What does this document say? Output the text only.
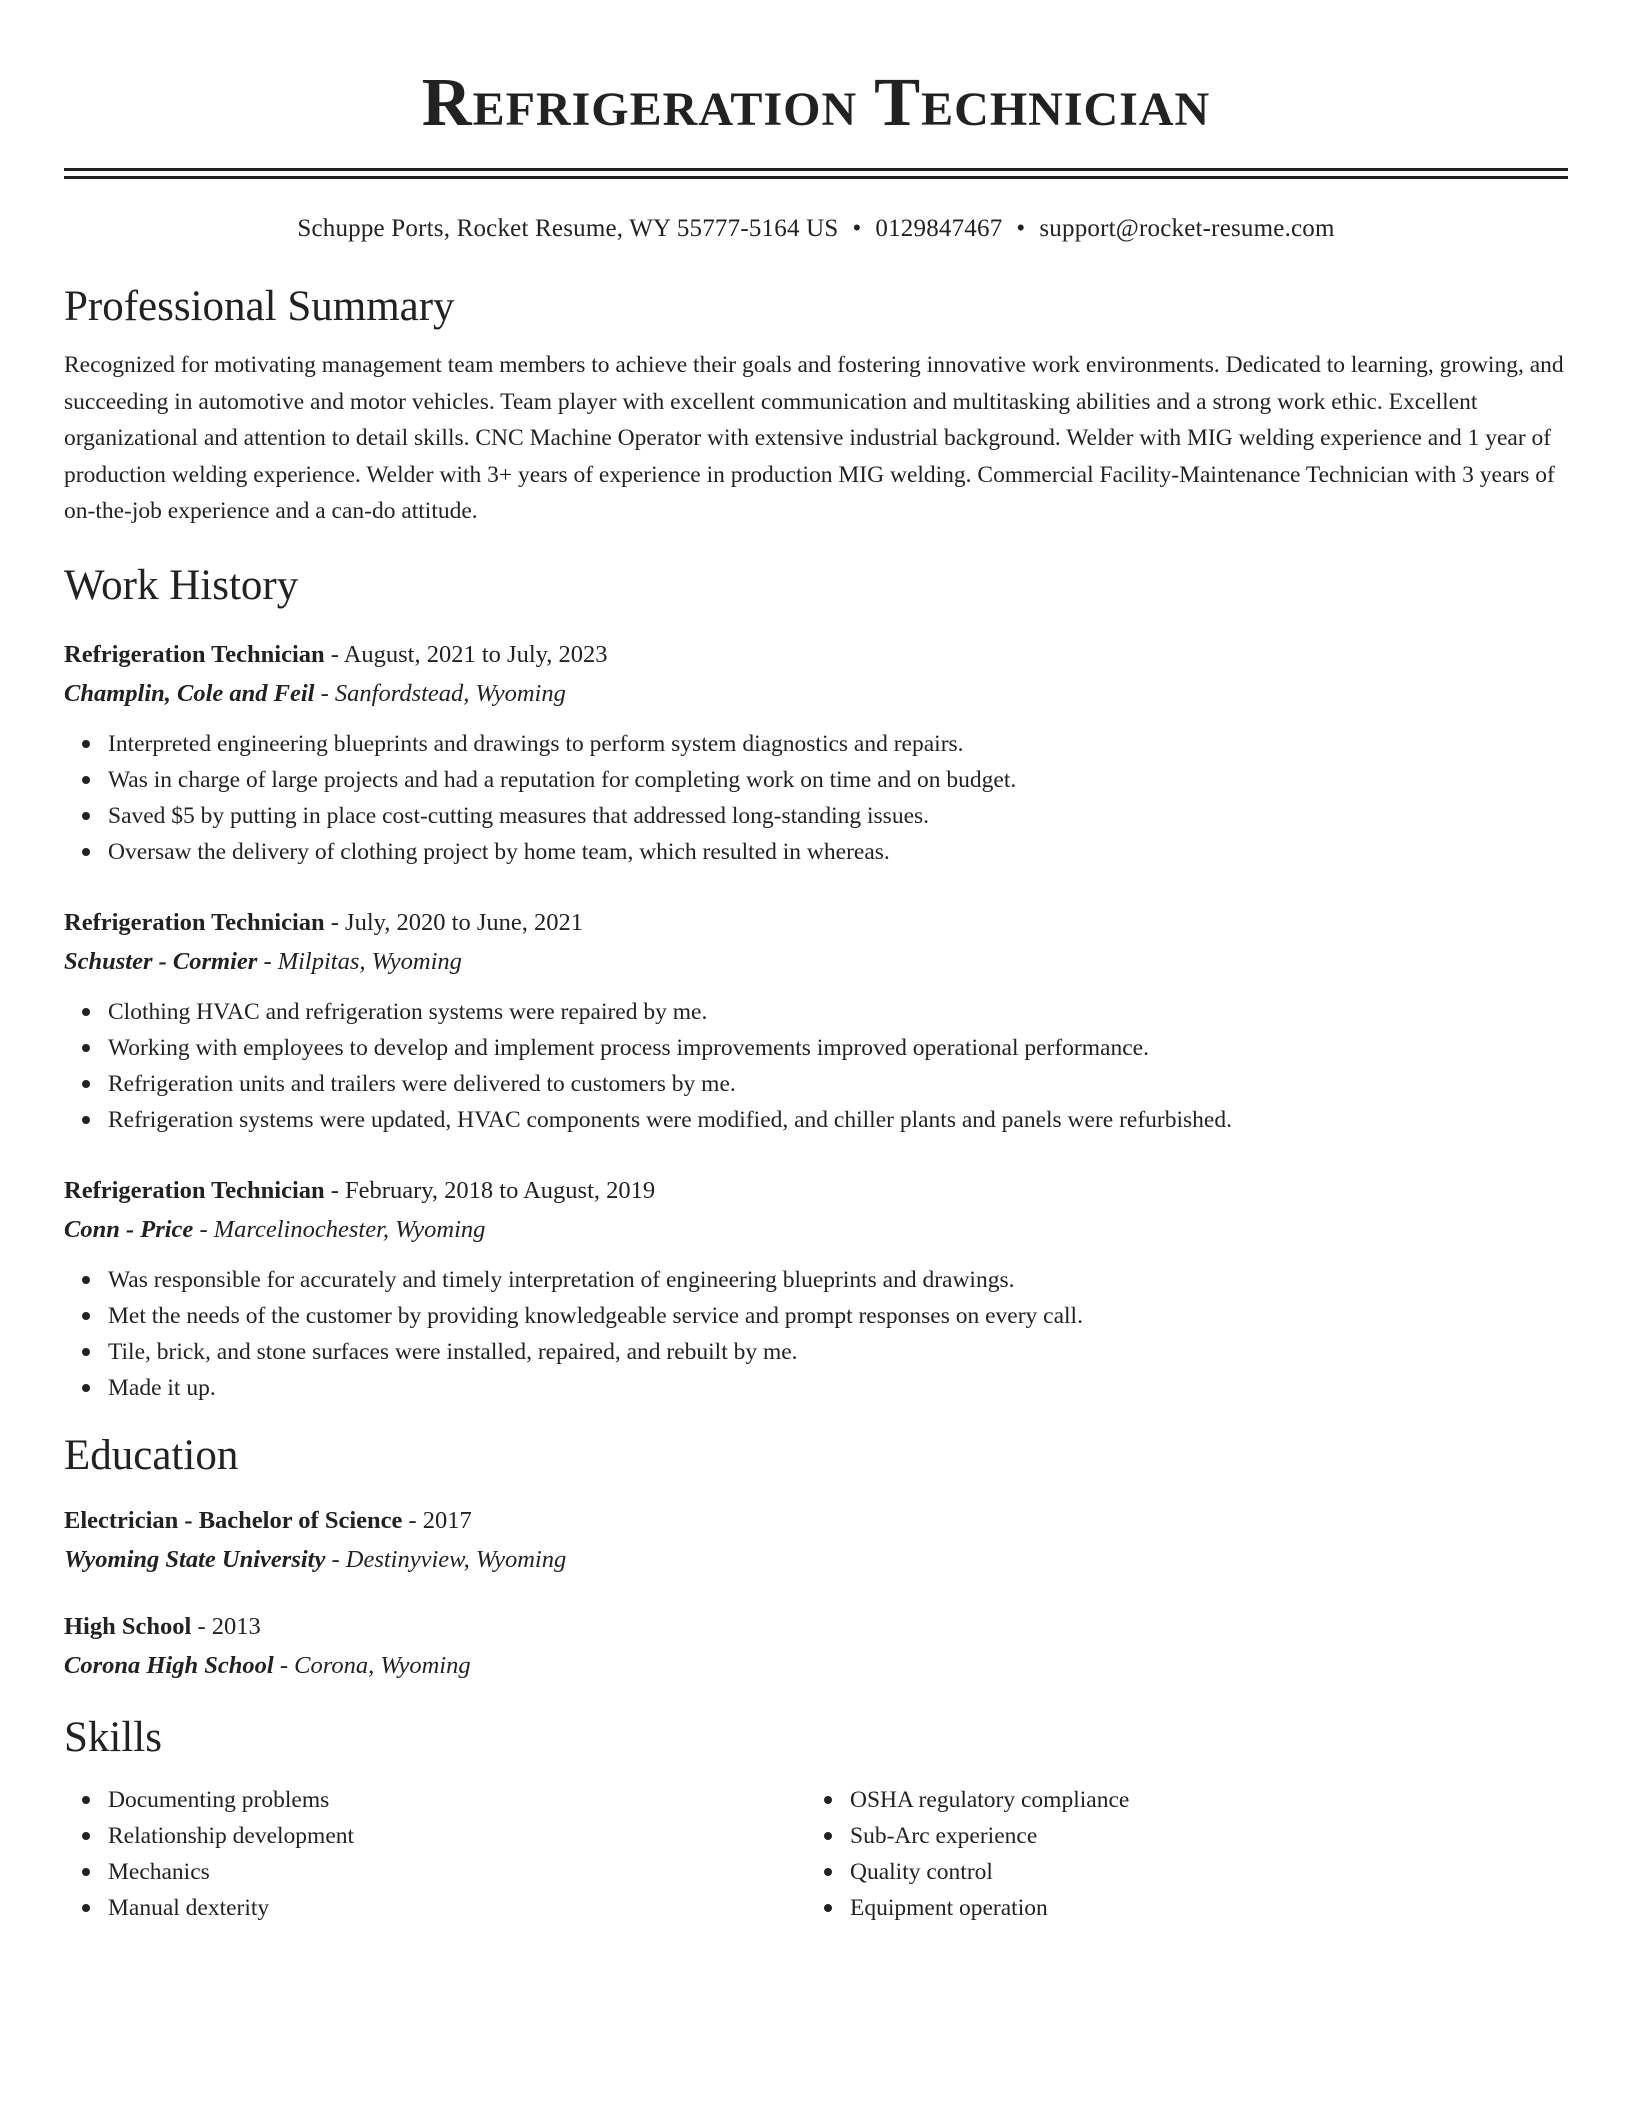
Refrigeration Technician
Schuppe Ports, Rocket Resume, WY 55777-5164 US • 0129847467 • support@rocket-resume.com
Professional Summary

Recognized for motivating management team members to achieve their goals and fostering innovative work environments. Dedicated to learning, growing, and succeeding in automotive and motor vehicles. Team player with excellent communication and multitasking abilities and a strong work ethic. Excellent organizational and attention to detail skills. CNC Machine Operator with extensive industrial background. Welder with MIG welding experience and 1 year of production welding experience. Welder with 3+ years of experience in production MIG welding. Commercial Facility-Maintenance Technician with 3 years of on-the-job experience and a can-do attitude.

Work History
Refrigeration Technician - August, 2021 to July, 2023
Champlin, Cole and Feil - Sanfordstead, Wyoming
Interpreted engineering blueprints and drawings to perform system diagnostics and repairs.
Was in charge of large projects and had a reputation for completing work on time and on budget.
Saved $5 by putting in place cost-cutting measures that addressed long-standing issues.
Oversaw the delivery of clothing project by home team, which resulted in whereas.
Refrigeration Technician - July, 2020 to June, 2021
Schuster - Cormier - Milpitas, Wyoming
Clothing HVAC and refrigeration systems were repaired by me.
Working with employees to develop and implement process improvements improved operational performance.
Refrigeration units and trailers were delivered to customers by me.
Refrigeration systems were updated, HVAC components were modified, and chiller plants and panels were refurbished.
Refrigeration Technician - February, 2018 to August, 2019
Conn - Price - Marcelinochester, Wyoming
Was responsible for accurately and timely interpretation of engineering blueprints and drawings.
Met the needs of the customer by providing knowledgeable service and prompt responses on every call.
Tile, brick, and stone surfaces were installed, repaired, and rebuilt by me.
Made it up.
Education
Electrician - Bachelor of Science - 2017
Wyoming State University - Destinyview, Wyoming
High School - 2013
Corona High School - Corona, Wyoming
Skills
Documenting problems
Relationship development
Mechanics
Manual dexterity
OSHA regulatory compliance
Sub-Arc experience
Quality control
Equipment operation
